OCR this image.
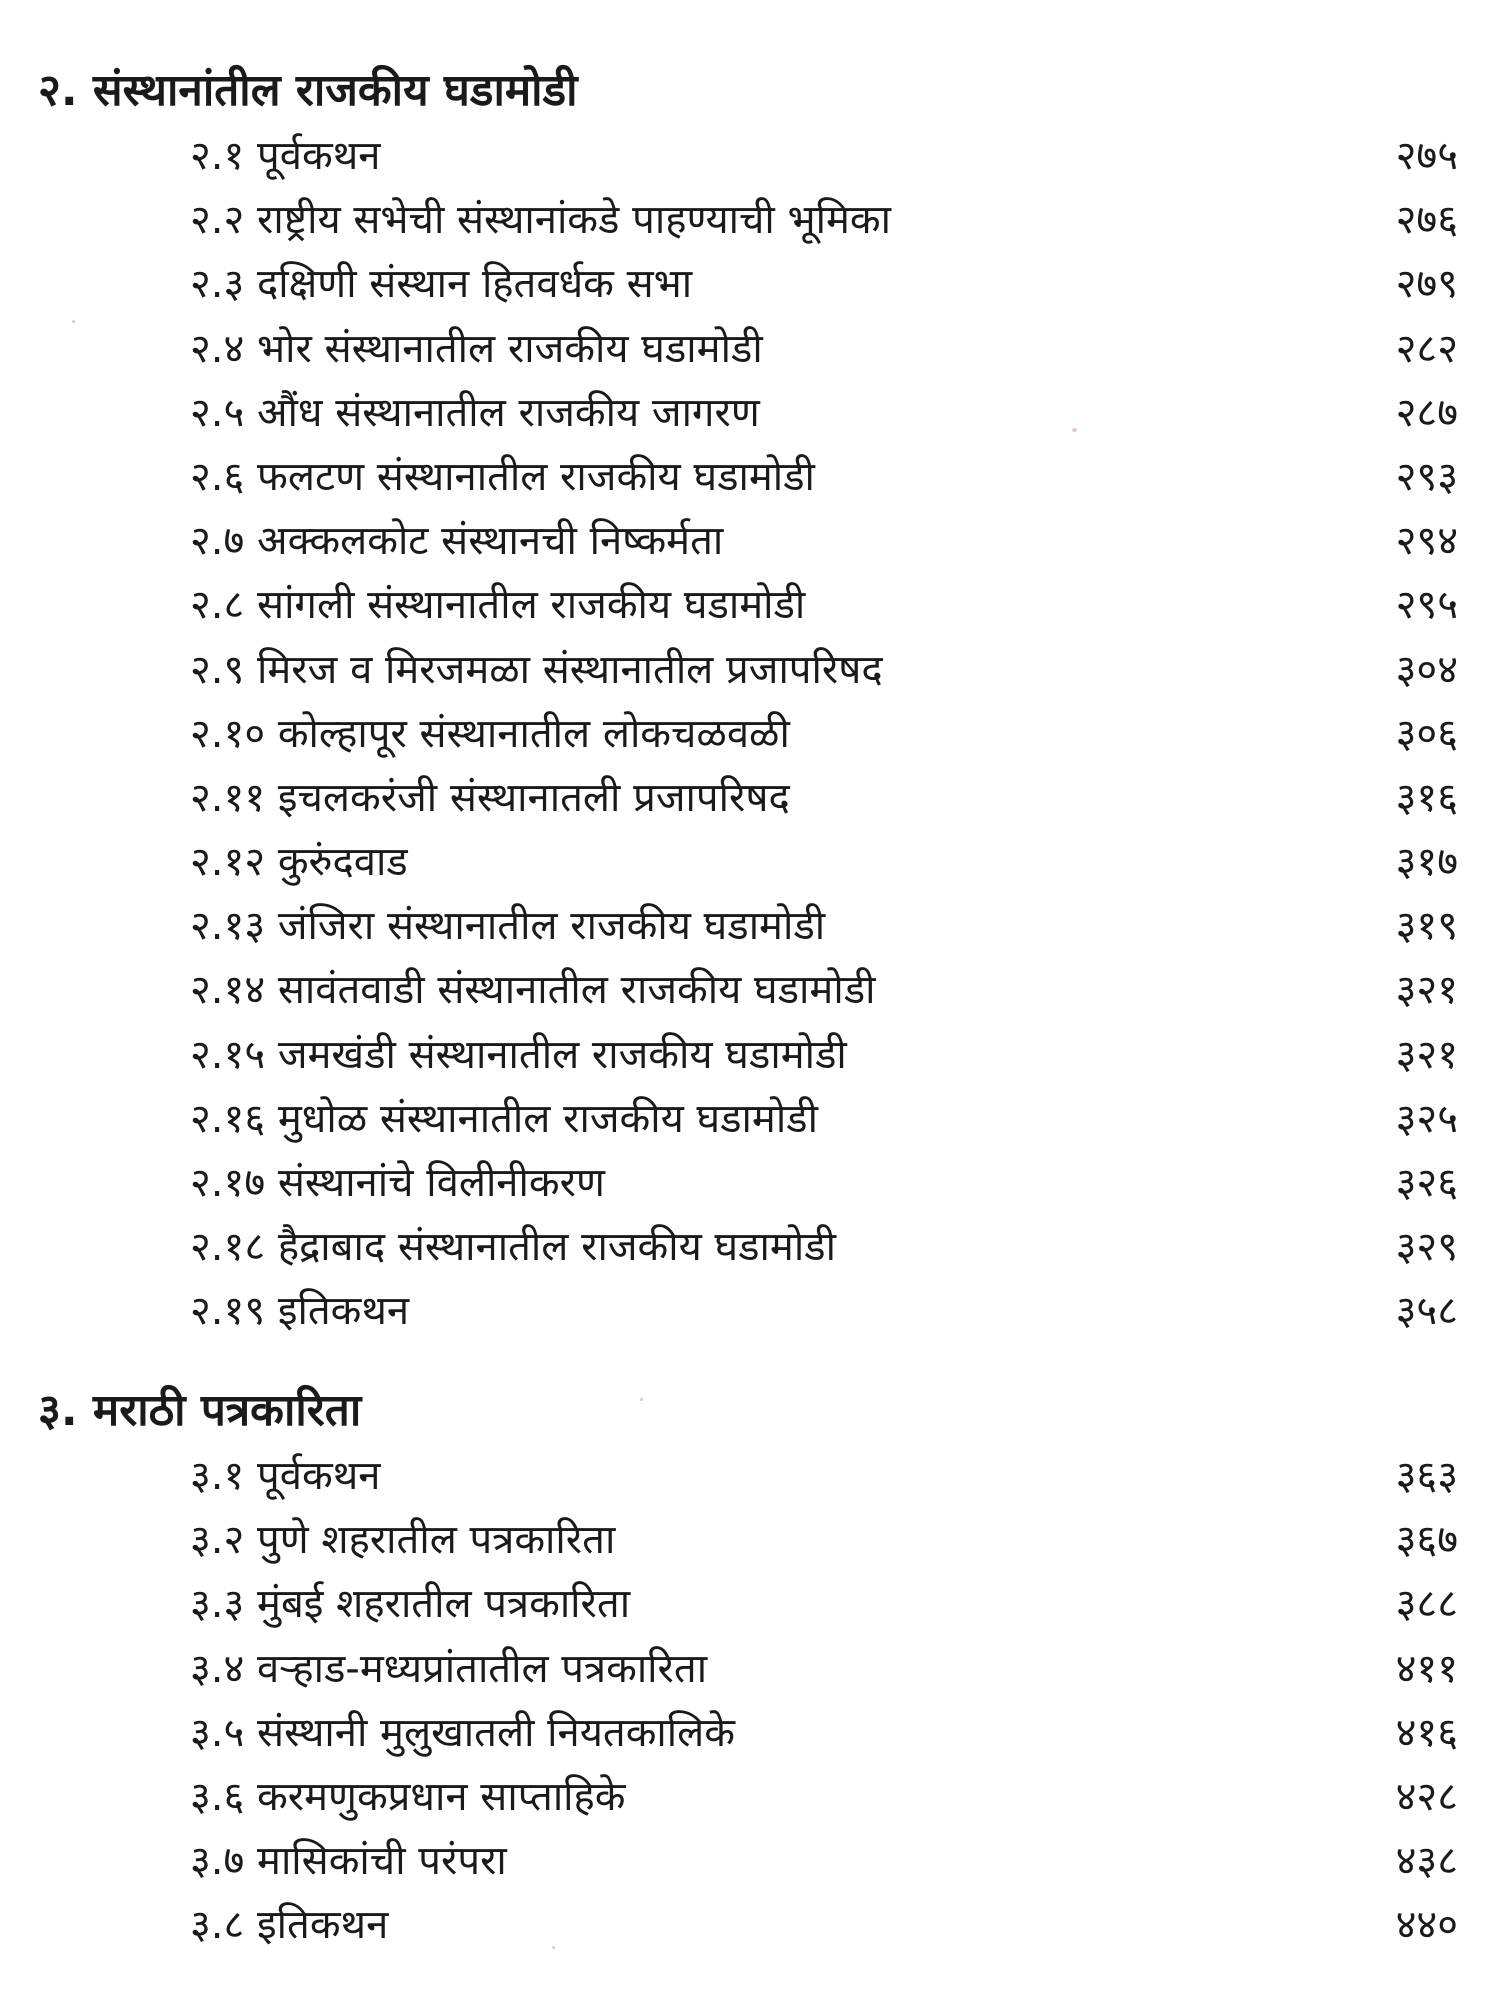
२. संस्थानांतील राजकीय घडामोडी
२.१ पूर्वकथन	२७५
२.२ राष्ट्रीय सभेची संस्थानांकडे पाहण्याची भूमिका	२७६
२.३ दक्षिणी संस्थान हितवर्धक सभा	२७९
२.४ भोर संस्थानातील राजकीय घडामोडी	२८२
२.५ औंध संस्थानातील राजकीय जागरण	२८७
२.६ फलटण संस्थानातील राजकीय घडामोडी	२९३
२.७ अक्कलकोट संस्थानची निष्कर्मता	२९४
२.८ सांगली संस्थानातील राजकीय घडामोडी	२९५
२.९ मिरज व मिरजमळा संस्थानातील प्रजापरिषद	३०४
२.१० कोल्हापूर संस्थानातील लोकचळवळी	३०६
२.११ इचलकरंजी संस्थानातली प्रजापरिषद	३१६
२.१२ कुरुंदवाड	३१७
२.१३ जंजिरा संस्थानातील राजकीय घडामोडी	३१९
२.१४ सावंतवाडी संस्थानातील राजकीय घडामोडी	३२१
२.१५ जमखंडी संस्थानातील राजकीय घडामोडी	३२१
२.१६ मुधोळ संस्थानातील राजकीय घडामोडी	३२५
२.१७ संस्थानांचे विलीनीकरण	३२६
२.१८ हैद्राबाद संस्थानातील राजकीय घडामोडी	३२९
२.१९ इतिकथन	३५८
३. मराठी पत्रकारिता
३.१ पूर्वकथन	३६३
३.२ पुणे शहरातील पत्रकारिता	३६७
३.३ मुंबई शहरातील पत्रकारिता	३८८
३.४ वऱ्हाड-मध्यप्रांतातील पत्रकारिता	४११
३.५ संस्थानी मुलुखातली नियतकालिके	४१६
३.६ करमणुकप्रधान साप्ताहिके	४२८
३.७ मासिकांची परंपरा	४३८
३.८ इतिकथन	४४०
